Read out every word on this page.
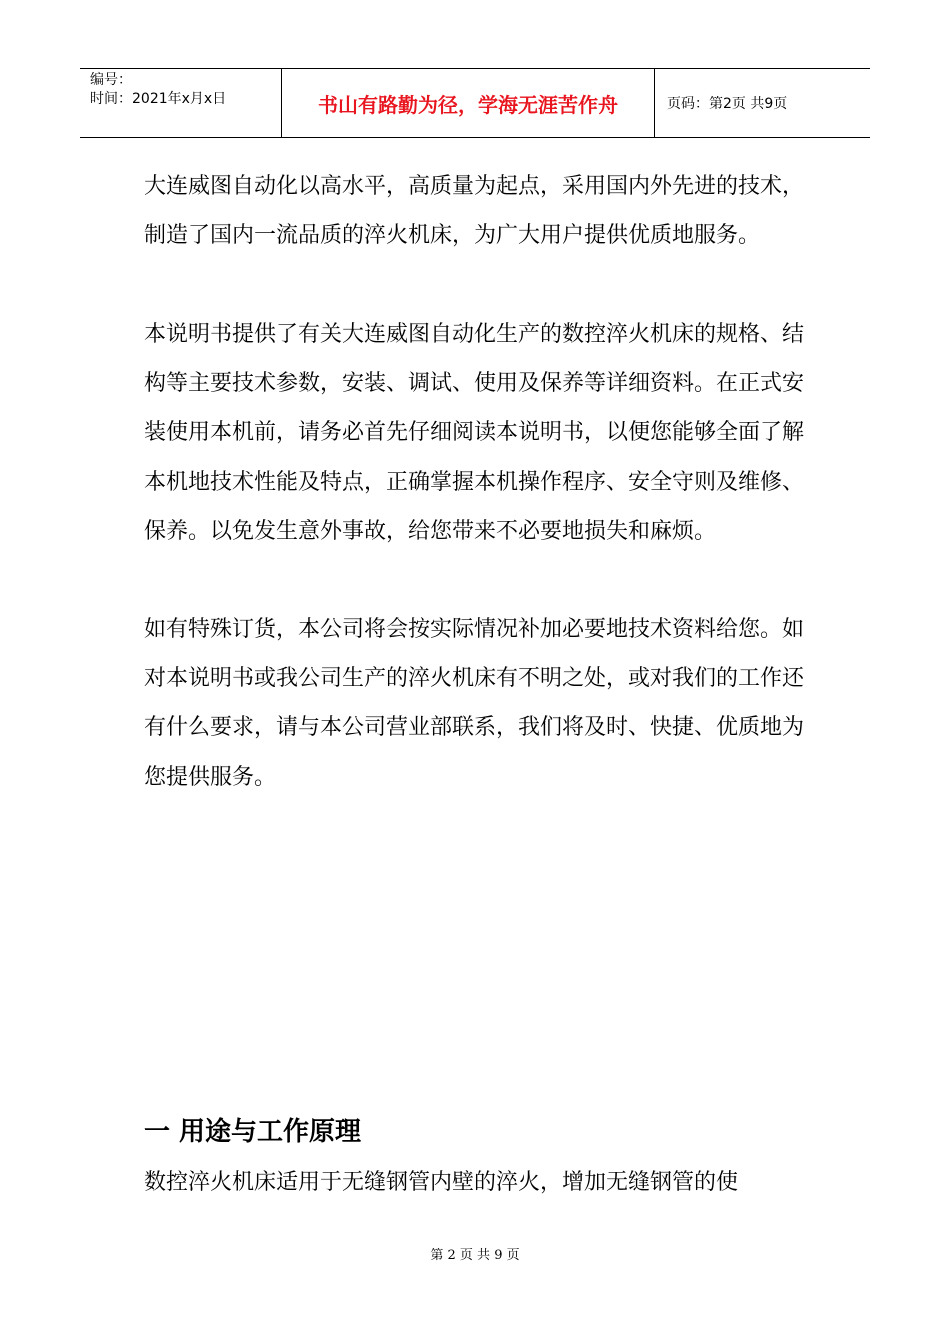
编号：
时间：2021年x月x日	书山有路勤为径，学海无涯苦作舟	页码：第2页 共9页

大连威图自动化以高水平，高质量为起点，采用国内外先进的技术，制造了国内一流品质的淬火机床，为广大用户提供优质地服务。

本说明书提供了有关大连威图自动化生产的数控淬火机床的规格、结构等主要技术参数，安装、调试、使用及保养等详细资料。在正式安装使用本机前，请务必首先仔细阅读本说明书，以便您能够全面了解本机地技术性能及特点，正确掌握本机操作程序、安全守则及维修、保养。以免发生意外事故，给您带来不必要地损失和麻烦。

如有特殊订货，本公司将会按实际情况补加必要地技术资料给您。如对本说明书或我公司生产的淬火机床有不明之处，或对我们的工作还有什么要求，请与本公司营业部联系，我们将及时、快捷、优质地为您提供服务。

一 用途与工作原理

数控淬火机床适用于无缝钢管内壁的淬火，增加无缝钢管的使

第 2 页 共 9 页
